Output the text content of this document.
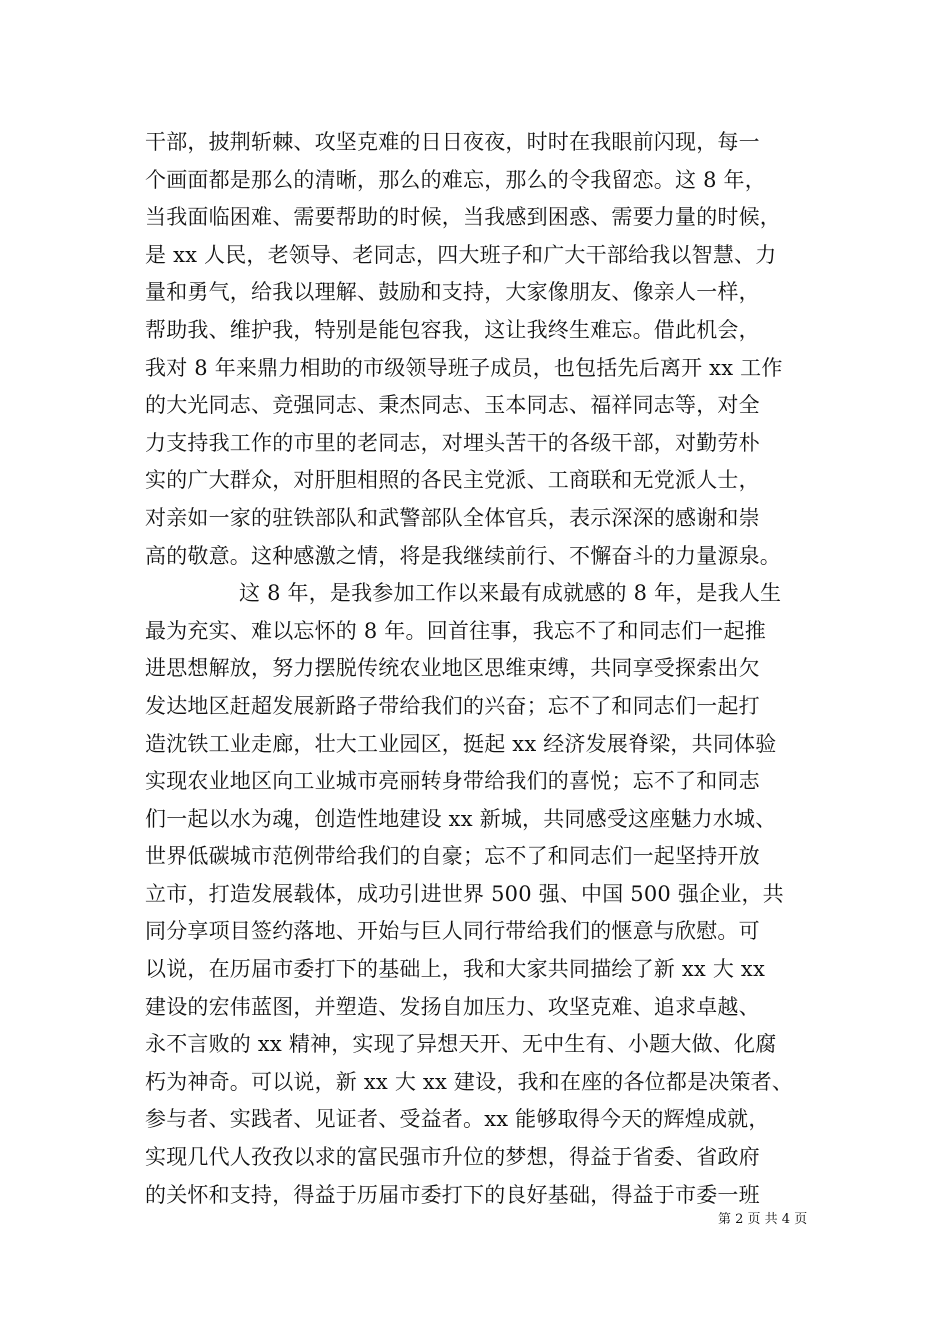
干部，披荆斩棘、攻坚克难的日日夜夜，时时在我眼前闪现，每一
个画面都是那么的清晰，那么的难忘，那么的令我留恋。这 8 年，
当我面临困难、需要帮助的时候，当我感到困惑、需要力量的时候，
是 xx 人民，老领导、老同志，四大班子和广大干部给我以智慧、力
量和勇气，给我以理解、鼓励和支持，大家像朋友、像亲人一样，
帮助我、维护我，特别是能包容我，这让我终生难忘。借此机会，
我对 8 年来鼎力相助的市级领导班子成员，也包括先后离开 xx 工作
的大光同志、竞强同志、秉杰同志、玉本同志、福祥同志等，对全
力支持我工作的市里的老同志，对埋头苦干的各级干部，对勤劳朴
实的广大群众，对肝胆相照的各民主党派、工商联和无党派人士，
对亲如一家的驻铁部队和武警部队全体官兵，表示深深的感谢和崇
高的敬意。这种感激之情，将是我继续前行、不懈奋斗的力量源泉。
这 8 年，是我参加工作以来最有成就感的 8 年，是我人生
最为充实、难以忘怀的 8 年。回首往事，我忘不了和同志们一起推
进思想解放，努力摆脱传统农业地区思维束缚，共同享受探索出欠
发达地区赶超发展新路子带给我们的兴奋；忘不了和同志们一起打
造沈铁工业走廊，壮大工业园区，挺起 xx 经济发展脊梁，共同体验
实现农业地区向工业城市亮丽转身带给我们的喜悦；忘不了和同志
们一起以水为魂，创造性地建设 xx 新城，共同感受这座魅力水城、
世界低碳城市范例带给我们的自豪；忘不了和同志们一起坚持开放
立市，打造发展载体，成功引进世界 500 强、中国 500 强企业，共
同分享项目签约落地、开始与巨人同行带给我们的惬意与欣慰。可
以说，在历届市委打下的基础上，我和大家共同描绘了新 xx 大 xx
建设的宏伟蓝图，并塑造、发扬自加压力、攻坚克难、追求卓越、
永不言败的 xx 精神，实现了异想天开、无中生有、小题大做、化腐
朽为神奇。可以说，新 xx 大 xx 建设，我和在座的各位都是决策者、
参与者、实践者、见证者、受益者。xx 能够取得今天的辉煌成就，
实现几代人孜孜以求的富民强市升位的梦想，得益于省委、省政府
的关怀和支持，得益于历届市委打下的良好基础，得益于市委一班
第 2 页 共 4 页
